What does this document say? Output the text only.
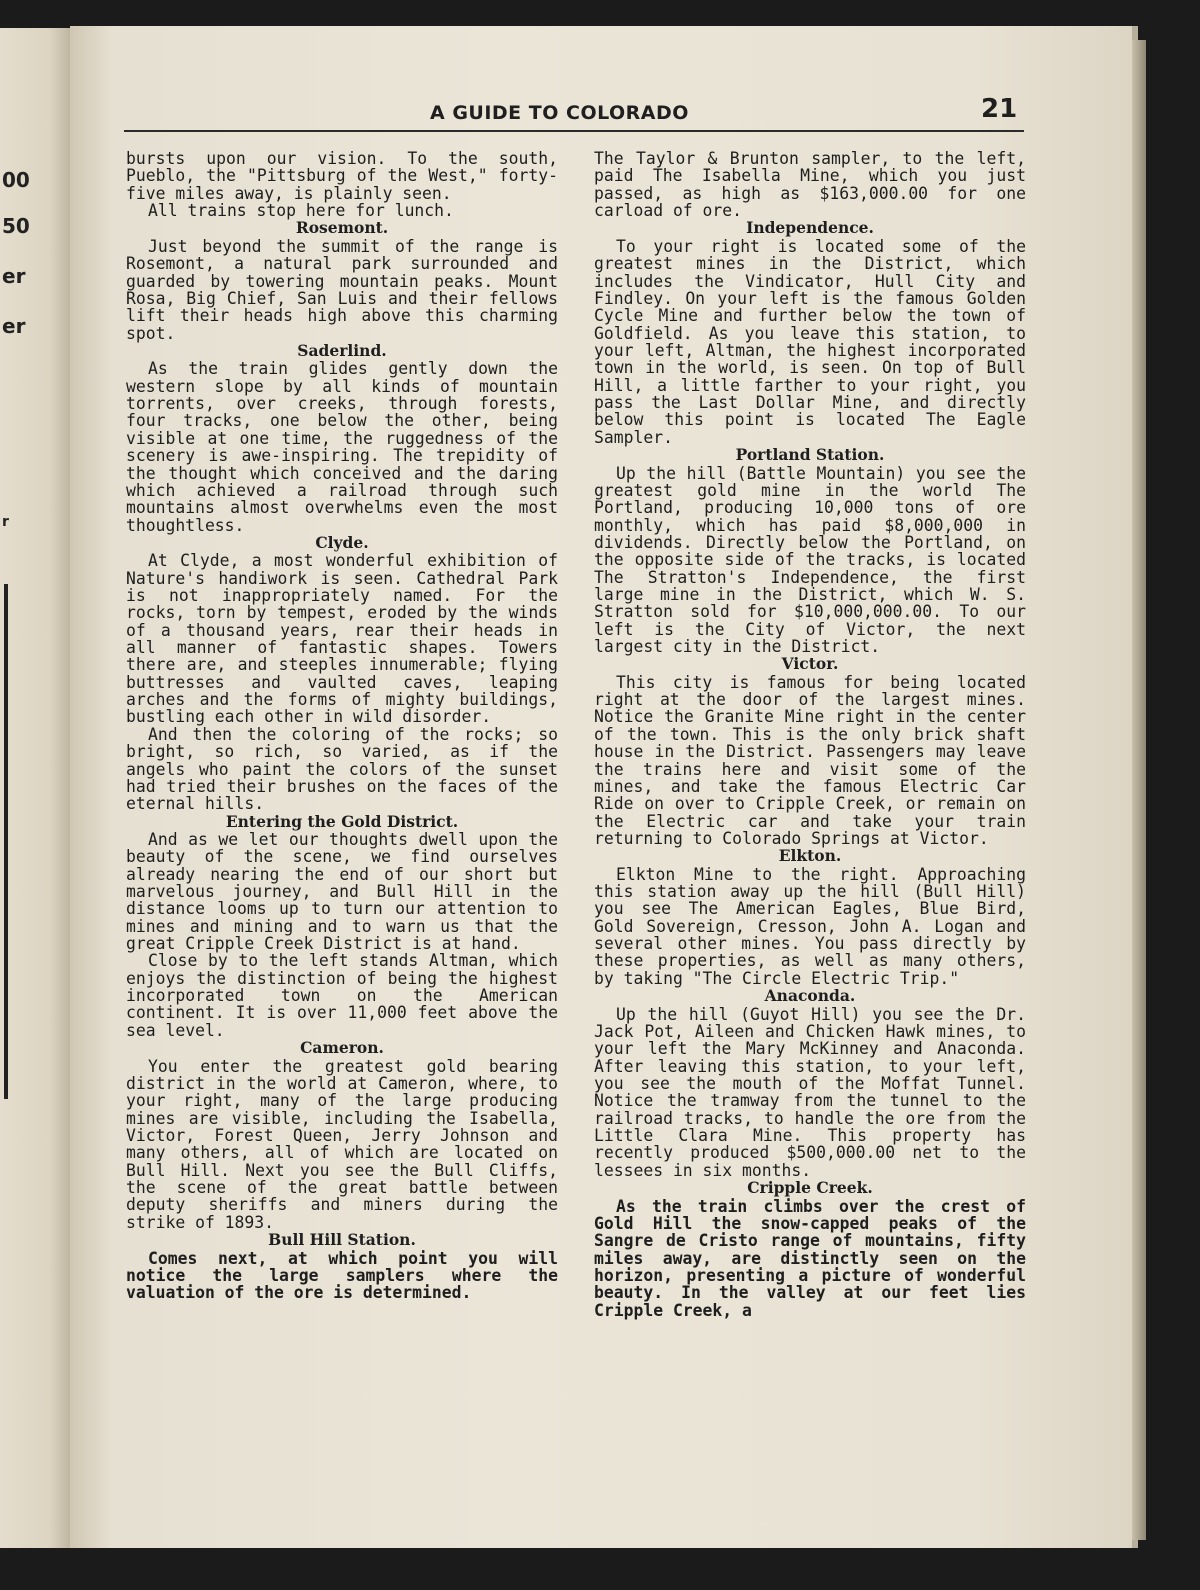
00
50
er
er
r
A GUIDE TO COLORADO	21

bursts upon our vision. To the south, Pueblo, the "Pittsburg of the West," forty-five miles away, is plainly seen.

All trains stop here for lunch.

Rosemont.

Just beyond the summit of the range is Rosemont, a natural park surrounded and guarded by towering mountain peaks. Mount Rosa, Big Chief, San Luis and their fellows lift their heads high above this charming spot.

Saderlind.

As the train glides gently down the western slope by all kinds of mountain torrents, over creeks, through forests, four tracks, one below the other, being visible at one time, the ruggedness of the scenery is awe-inspiring. The trepidity of the thought which conceived and the daring which achieved a railroad through such mountains almost overwhelms even the most thoughtless.

Clyde.

At Clyde, a most wonderful exhibition of Nature's handiwork is seen. Cathedral Park is not inappropriately named. For the rocks, torn by tempest, eroded by the winds of a thousand years, rear their heads in all manner of fantastic shapes. Towers there are, and steeples innumerable; flying buttresses and vaulted caves, leaping arches and the forms of mighty buildings, bustling each other in wild disorder.

And then the coloring of the rocks; so bright, so rich, so varied, as if the angels who paint the colors of the sunset had tried their brushes on the faces of the eternal hills.

Entering the Gold District.

And as we let our thoughts dwell upon the beauty of the scene, we find ourselves already nearing the end of our short but marvelous journey, and Bull Hill in the distance looms up to turn our attention to mines and mining and to warn us that the great Cripple Creek District is at hand.

Close by to the left stands Altman, which enjoys the distinction of being the highest incorporated town on the American continent. It is over 11,000 feet above the sea level.

Cameron.

You enter the greatest gold bearing district in the world at Cameron, where, to your right, many of the large producing mines are visible, including the Isabella, Victor, Forest Queen, Jerry Johnson and many others, all of which are located on Bull Hill. Next you see the Bull Cliffs, the scene of the great battle between deputy sheriffs and miners during the strike of 1893.

Bull Hill Station.

Comes next, at which point you will notice the large samplers where the valuation of the ore is determined.

The Taylor & Brunton sampler, to the left, paid The Isabella Mine, which you just passed, as high as $163,000.00 for one carload of ore.

Independence.

To your right is located some of the greatest mines in the District, which includes the Vindicator, Hull City and Findley. On your left is the famous Golden Cycle Mine and further below the town of Goldfield. As you leave this station, to your left, Altman, the highest incorporated town in the world, is seen. On top of Bull Hill, a little farther to your right, you pass the Last Dollar Mine, and directly below this point is located The Eagle Sampler.

Portland Station.

Up the hill (Battle Mountain) you see the greatest gold mine in the world The Portland, producing 10,000 tons of ore monthly, which has paid $8,000,000 in dividends. Directly below the Portland, on the opposite side of the tracks, is located The Stratton's Independence, the first large mine in the District, which W. S. Stratton sold for $10,000,000.00. To our left is the City of Victor, the next largest city in the District.

Victor.

This city is famous for being located right at the door of the largest mines. Notice the Granite Mine right in the center of the town. This is the only brick shaft house in the District. Passengers may leave the trains here and visit some of the mines, and take the famous Electric Car Ride on over to Cripple Creek, or remain on the Electric car and take your train returning to Colorado Springs at Victor.

Elkton.

Elkton Mine to the right. Approaching this station away up the hill (Bull Hill) you see The American Eagles, Blue Bird, Gold Sovereign, Cresson, John A. Logan and several other mines. You pass directly by these properties, as well as many others, by taking "The Circle Electric Trip."

Anaconda.

Up the hill (Guyot Hill) you see the Dr. Jack Pot, Aileen and Chicken Hawk mines, to your left the Mary McKinney and Anaconda. After leaving this station, to your left, you see the mouth of the Moffat Tunnel. Notice the tramway from the tunnel to the railroad tracks, to handle the ore from the Little Clara Mine. This property has recently produced $500,000.00 net to the lessees in six months.

Cripple Creek.

As the train climbs over the crest of Gold Hill the snow-capped peaks of the Sangre de Cristo range of mountains, fifty miles away, are distinctly seen on the horizon, presenting a picture of wonderful beauty. In the valley at our feet lies Cripple Creek, a
